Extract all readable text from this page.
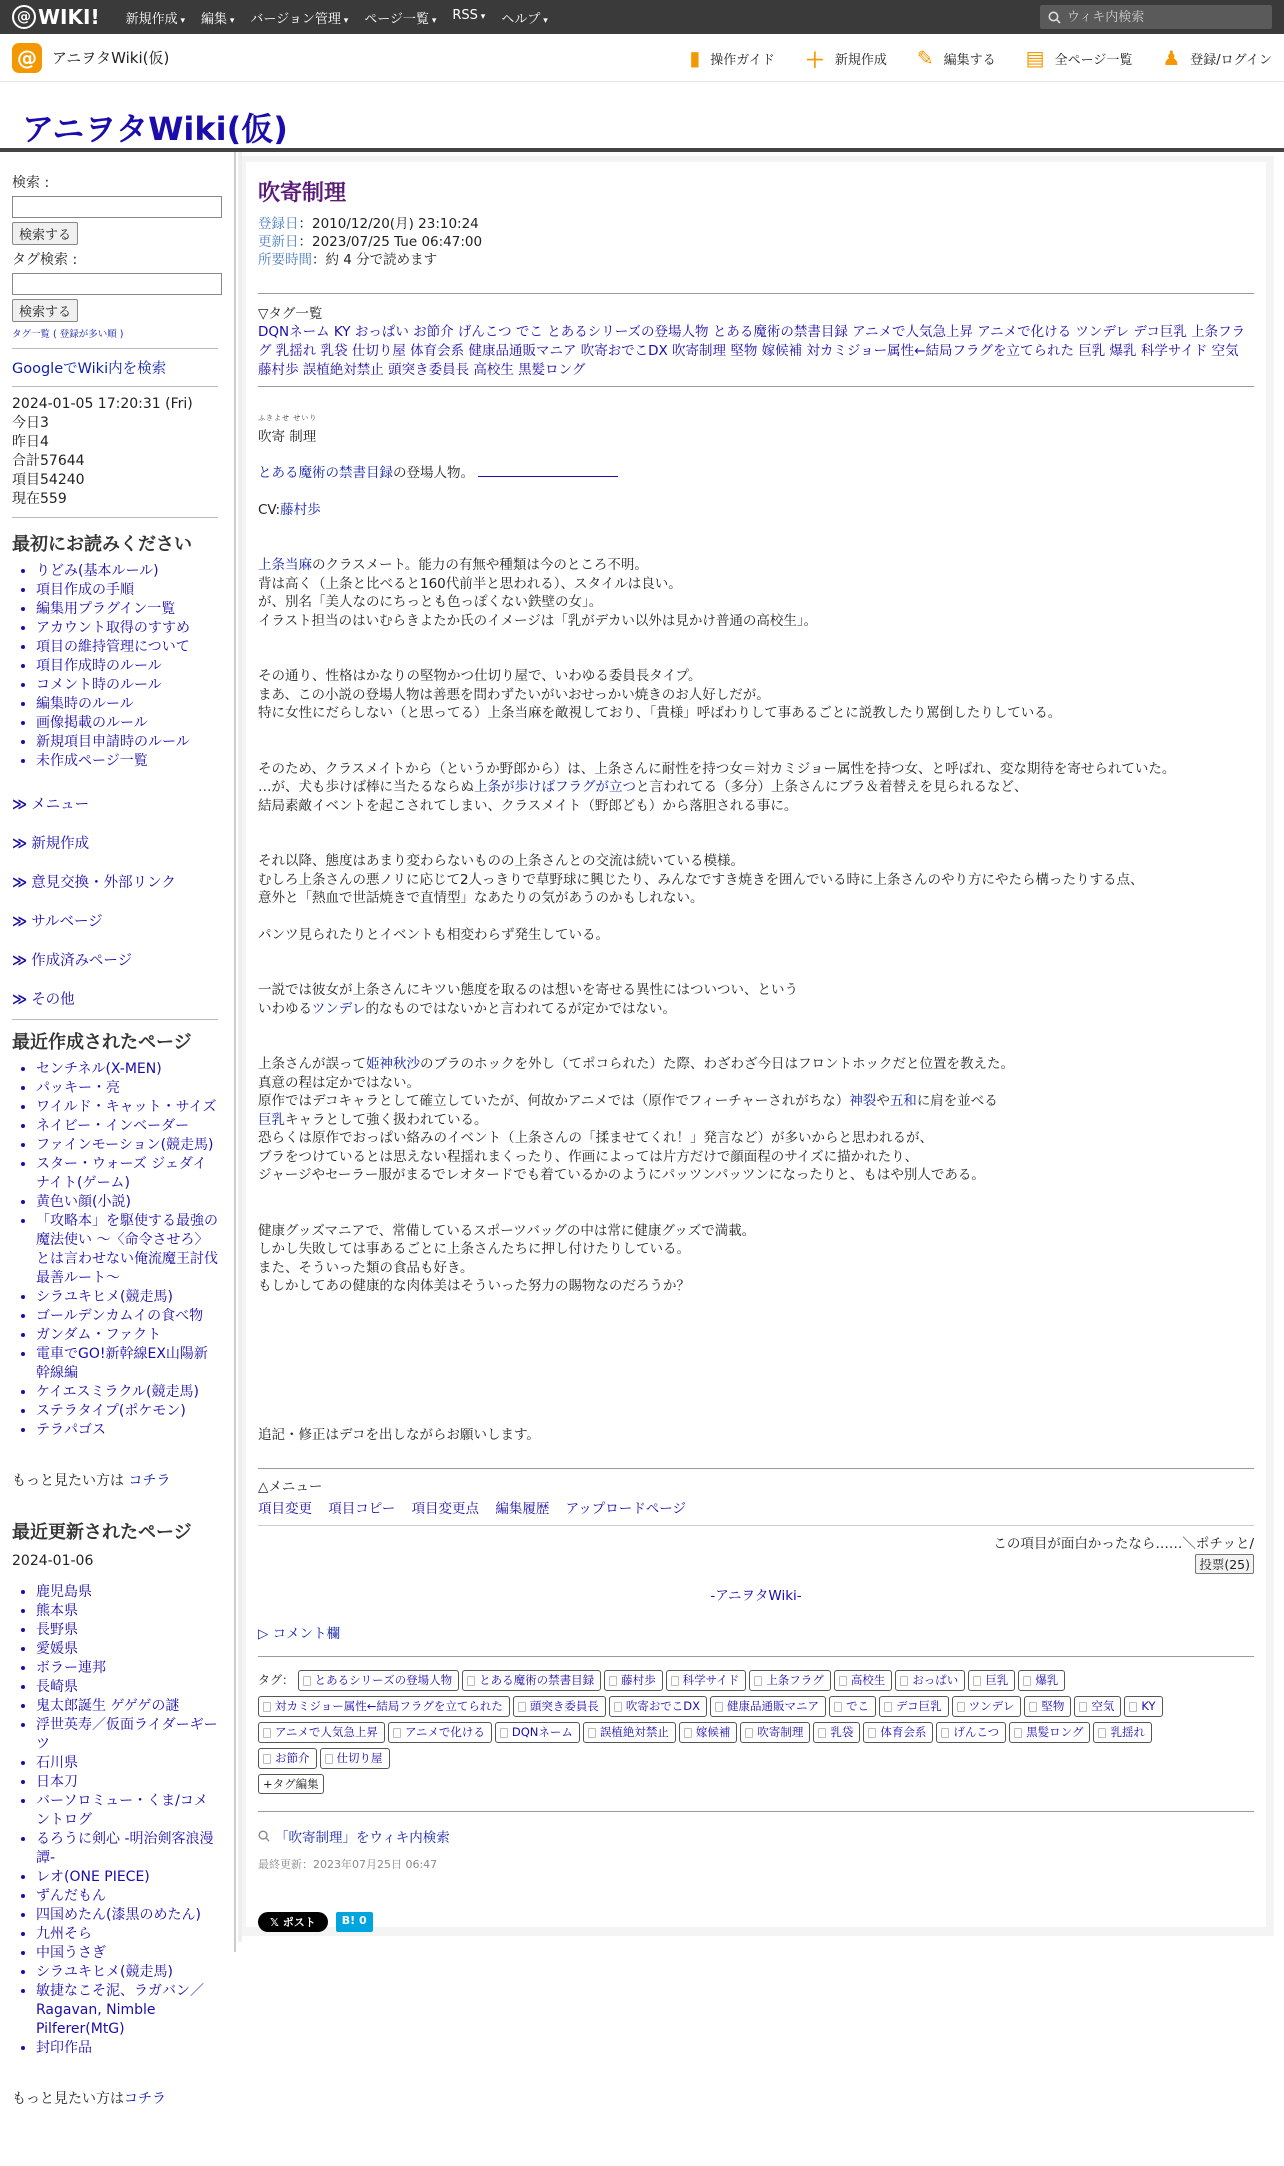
@ WIKI!	新規作成 ▾	編集 ▾	バージョン管理 ▾	ページ一覧 ▾	RSS ▾	ヘルプ ▾
ウィキ内検索
@	アニヲタWiki(仮)	▮ 操作ガイド ＋ 新規作成 ✎ 編集する ▤ 全ページ一覧 ♟ 登録/ログイン
アニヲタWiki(仮)
検索 :
検索する
タグ検索 :
検索する
タグ一覧 ( 登録が多い順 )
GoogleでWiki内を検索
2024-01-05 17:20:31 (Fri)
今日3
昨日4
合計57644
項目54240
現在559
最初にお読みください
• りどみ(基本ルール)
• 項目作成の手順
• 編集用プラグイン一覧
• アカウント取得のすすめ
• 項目の維持管理について
• 項目作成時のルール
• コメント時のルール
• 編集時のルール
• 画像掲載のルール
• 新規項目申請時のルール
• 未作成ページ一覧
≫ メニュー
≫ 新規作成
≫ 意見交換・外部リンク
≫ サルベージ
≫ 作成済みページ
≫ その他
最近作成されたページ
• センチネル(X-MEN)
• パッキー・亮
• ワイルド・キャット・サイズ
• ネイビー・インベーダー
• ファインモーション(競走馬)
• スター・ウォーズ ジェダイナイト(ゲーム)
• 黄色い顔(小説)
• 「攻略本」を駆使する最強の魔法使い 〜〈命令させろ〉とは言わせない俺流魔王討伐最善ルート〜
• シラユキヒメ(競走馬)
• ゴールデンカムイの食べ物
• ガンダム・ファクト
• 電車でGO!新幹線EX山陽新幹線編
• ケイエスミラクル(競走馬)
• ステラタイプ(ポケモン)
• テラパゴス
もっと見たい方は コチラ
最近更新されたページ
2024-01-06
• 鹿児島県
• 熊本県
• 長野県
• 愛媛県
• ボラー連邦
• 長崎県
• 鬼太郎誕生 ゲゲゲの謎
• 浮世英寿／仮面ライダーギーツ
• 石川県
• 日本刀
• バーソロミュー・くま/コメントログ
• るろうに剣心 -明治剣客浪漫譚-
• レオ(ONE PIECE)
• ずんだもん
• 四国めたん(漆黒のめたん)
• 九州そら
• 中国うさぎ
• シラユキヒメ(競走馬)
• 敏捷なこそ泥、ラガバン／Ragavan, Nimble Pilferer(MtG)
• 封印作品
もっと見たい方はコチラ
吹寄制理
登録日：2010/12/20(月) 23:10:24
更新日：2023/07/25 Tue 06:47:00
所要時間：約 4 分で読めます
▽タグ一覧
DQNネーム KY おっぱい お節介 げんこつ でこ とあるシリーズの登場人物 とある魔術の禁書目録 アニメで人気急上昇 アニメで化ける ツンデレ デコ巨乳 上条フラグ 乳揺れ 乳袋 仕切り屋 体育会系 健康品通販マニア 吹寄おでこDX 吹寄制理 堅物 嫁候補 対カミジョー属性←結局フラグを立てられた 巨乳 爆乳 科学サイド 空気 藤村歩 誤植絶対禁止 頭突き委員長 高校生 黒髪ロング
ふきよせ せいり

吹寄 制理

とある魔術の禁書目録の登場人物。

CV:藤村歩

上条当麻のクラスメート。能力の有無や種類は今のところ不明。

背は高く（上条と比べると160代前半と思われる）、スタイルは良い。

が、別名「美人なのにちっとも色っぽくない鉄壁の女」。

イラスト担当のはいむらきよたか氏のイメージは「乳がデカい以外は見かけ普通の高校生」。

その通り、性格はかなりの堅物かつ仕切り屋で、いわゆる委員長タイプ。

まあ、この小説の登場人物は善悪を問わずたいがいおせっかい焼きのお人好しだが。

特に女性にだらしない（と思ってる）上条当麻を敵視しており、「貴様」呼ばわりして事あるごとに説教したり罵倒したりしている。

そのため、クラスメイトから（というか野郎から）は、上条さんに耐性を持つ女＝対カミジョー属性を持つ女、と呼ばれ、変な期待を寄せられていた。

…が、犬も歩けば棒に当たるならぬ上条が歩けばフラグが立つと言われてる（多分）上条さんにブラ＆着替えを見られるなど、

結局素敵イベントを起こされてしまい、クラスメイト（野郎ども）から落胆される事に。

それ以降、態度はあまり変わらないものの上条さんとの交流は続いている模様。

むしろ上条さんの悪ノリに応じて2人っきりで草野球に興じたり、みんなですき焼きを囲んでいる時に上条さんのやり方にやたら構ったりする点、

意外と「熱血で世話焼きで直情型」なあたりの気があうのかもしれない。

パンツ見られたりとイベントも相変わらず発生している。

一説では彼女が上条さんにキツい態度を取るのは想いを寄せる異性にはついつい、という

いわゆるツンデレ的なものではないかと言われてるが定かではない。

上条さんが誤って姫神秋沙のブラのホックを外し（てポコられた）た際、わざわざ今日はフロントホックだと位置を教えた。

真意の程は定かではない。

原作ではデコキャラとして確立していたが、何故かアニメでは（原作でフィーチャーされがちな）神裂や五和に肩を並べる

巨乳キャラとして強く扱われている。

恐らくは原作でおっぱい絡みのイベント（上条さんの「揉ませてくれ！」発言など）が多いからと思われるが、

ブラをつけているとは思えない程揺れまくったり、作画によっては片方だけで顔面程のサイズに描かれたり、

ジャージやセーラー服がまるでレオタードでも着ているかのようにパッツンパッツンになったりと、もはや別人である。

健康グッズマニアで、常備しているスポーツバッグの中は常に健康グッズで満載。

しかし失敗しては事あるごとに上条さんたちに押し付けたりしている。

また、そういった類の食品も好き。

もしかしてあの健康的な肉体美はそういった努力の賜物なのだろうか？

追記・修正はデコを出しながらお願いします。

△メニュー
項目変更 項目コピー 項目変更点 編集履歴 アップロードページ
この項目が面白かったなら……＼ポチッと/
投票(25)
-アニヲタWiki-
▷ コメント欄
タグ： とあるシリーズの登場人物 とある魔術の禁書目録 藤村歩 科学サイド 上条フラグ 高校生 おっぱい 巨乳 爆乳
対カミジョー属性←結局フラグを立てられた 頭突き委員長 吹寄おでこDX 健康品通販マニア でこ デコ巨乳 ツンデレ 堅物 空気 KY
アニメで人気急上昇 アニメで化ける DQNネーム 誤植絶対禁止 嫁候補 吹寄制理 乳袋 体育会系 げんこつ 黒髪ロング 乳揺れ
お節介 仕切り屋
+タグ編集
「吹寄制理」をウィキ内検索
最終更新：2023年07月25日 06:47
𝕏 ポスト	B! 0
